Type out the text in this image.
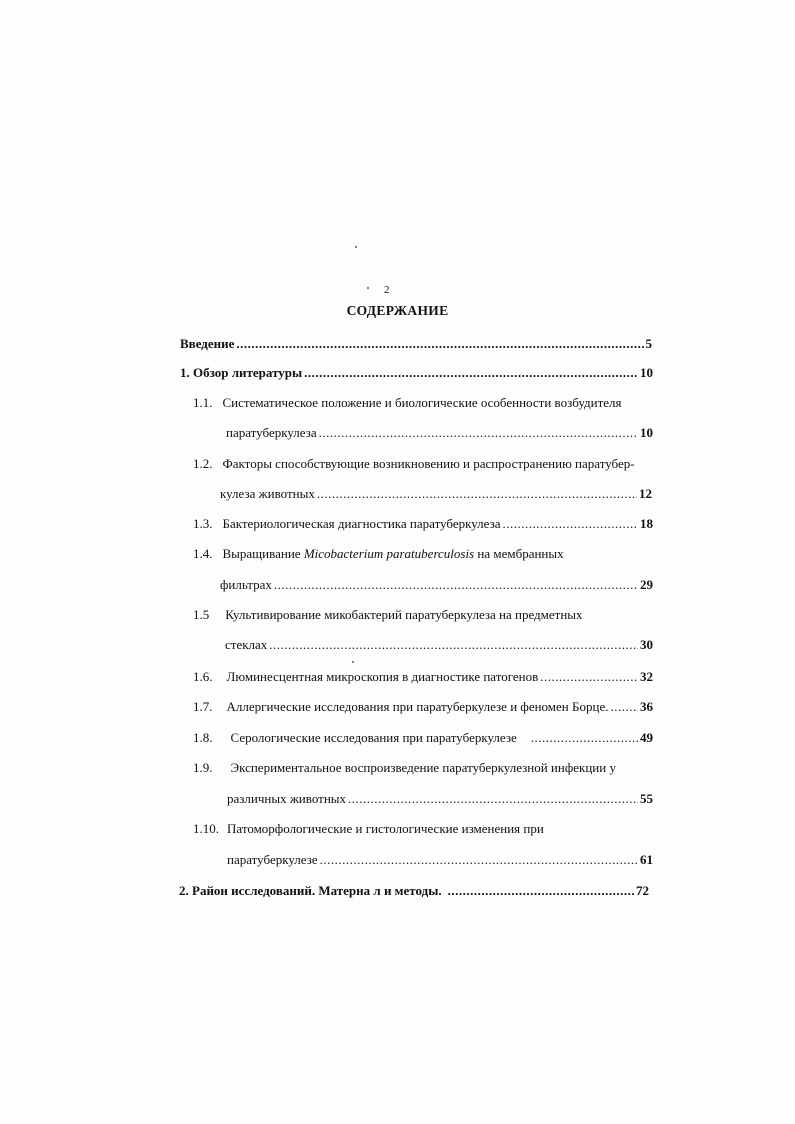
2
СОДЕРЖАНИЕ
Введение .....	5
1. Обзор литературы .....	10
1.1. Систематическое положение и биологические особенности возбудителя
паратуберкулеза .....	10
1.2. Факторы способствующие возникновению и распространению паратубер-
кулеза животных .....	12
1.3. Бактериологическая диагностика паратуберкулеза .....	18
1.4. Выращивание Micobacterium paratuberculosis на мембранных
фильтрах .....	29
1.5 Культивирование микобактерий паратуберкулеза на предметных
стеклах .....	30
1.6. Люминесцентная микроскопия в диагностике патогенов .....	32
1.7. Аллергические исследования при паратуберкулезе и феномен Борце. ..... 36
1.8. Серологические исследования при паратуберкулезе .....	49
1.9. Экспериментальное воспроизведение паратуберкулезной инфекции у
различных животных .....	55
1.10. Патоморфологические и гистологические изменения при
паратуберкулезе .....	61
2. Район исследований. Матерна л и методы. .....	72
